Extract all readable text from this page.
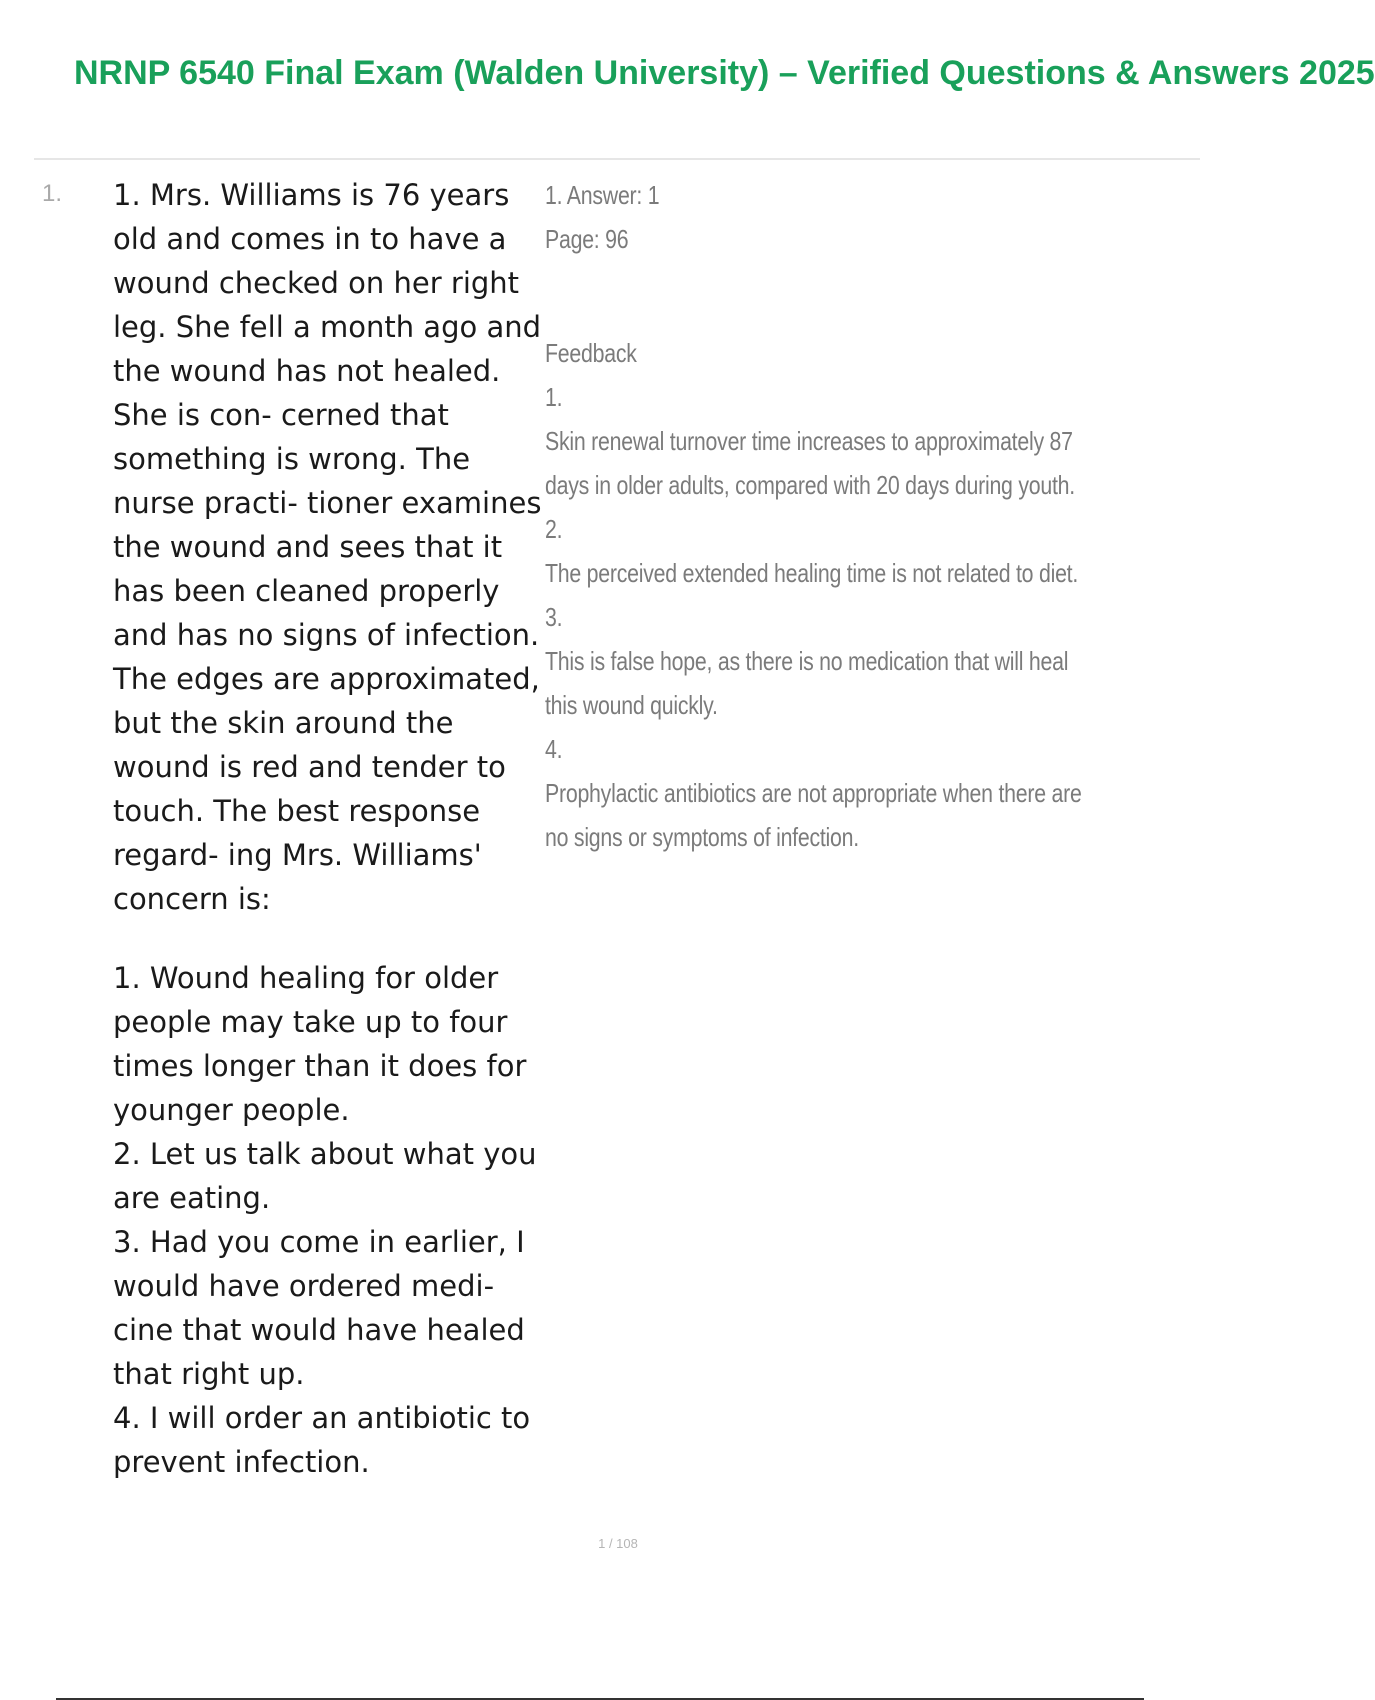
NRNP 6540 Final Exam (Walden University) – Verified Questions & Answers 2025
1. 1. Mrs. Williams is 76 years old and comes in to have a wound checked on her right leg. She fell a month ago and the wound has not healed. She is con- cerned that something is wrong. The nurse practi- tioner examines the wound and sees that it has been cleaned properly and has no signs of infection. The edges are approximated, but the skin around the wound is red and tender to touch. The best response regard- ing Mrs. Williams' concern is:

1. Wound healing for older people may take up to four times longer than it does for younger people.

2. Let us talk about what you are eating.

3. Had you come in earlier, I would have ordered medi- cine that would have healed that right up.

4. I will order an antibiotic to prevent infection.

1. Answer: 1
Page: 96
Feedback
1.
Skin renewal turnover time increases to approximately 87 days in older adults, compared with 20 days during youth.
2.
The perceived extended healing time is not related to diet.
3.
This is false hope, as there is no medication that will heal this wound quickly.
4.
Prophylactic antibiotics are not appropriate when there are no signs or symptoms of infection.
1 / 108
